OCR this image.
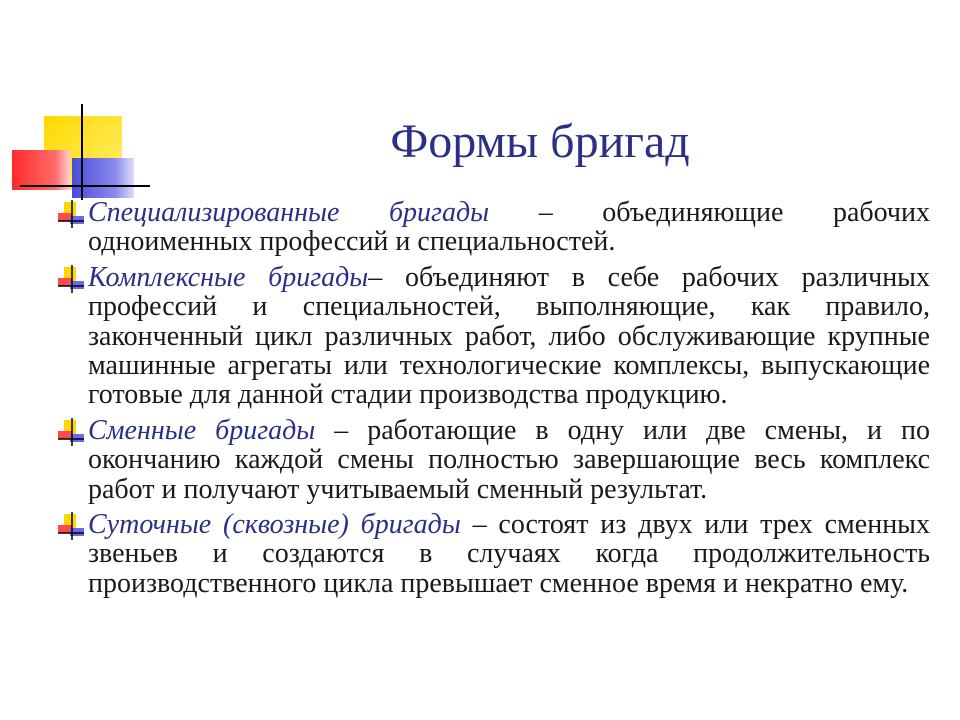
Формы бригад
Специализированные бригады – объединяющие рабочих одноименных профессий и специальностей.
Комплексные бригады– объединяют в себе рабочих различных профессий и специальностей, выполняющие, как правило, законченный цикл различных работ, либо обслуживающие крупные машинные агрегаты или технологические комплексы, выпускающие готовые для данной стадии производства продукцию.
Сменные бригады – работающие в одну или две смены, и по окончанию каждой смены полностью завершающие весь комплекс работ и получают учитываемый сменный результат.
Суточные (сквозные) бригады – состоят из двух или трех сменных звеньев и создаются в случаях когда продолжительность производственного цикла превышает сменное время и некратно ему.
